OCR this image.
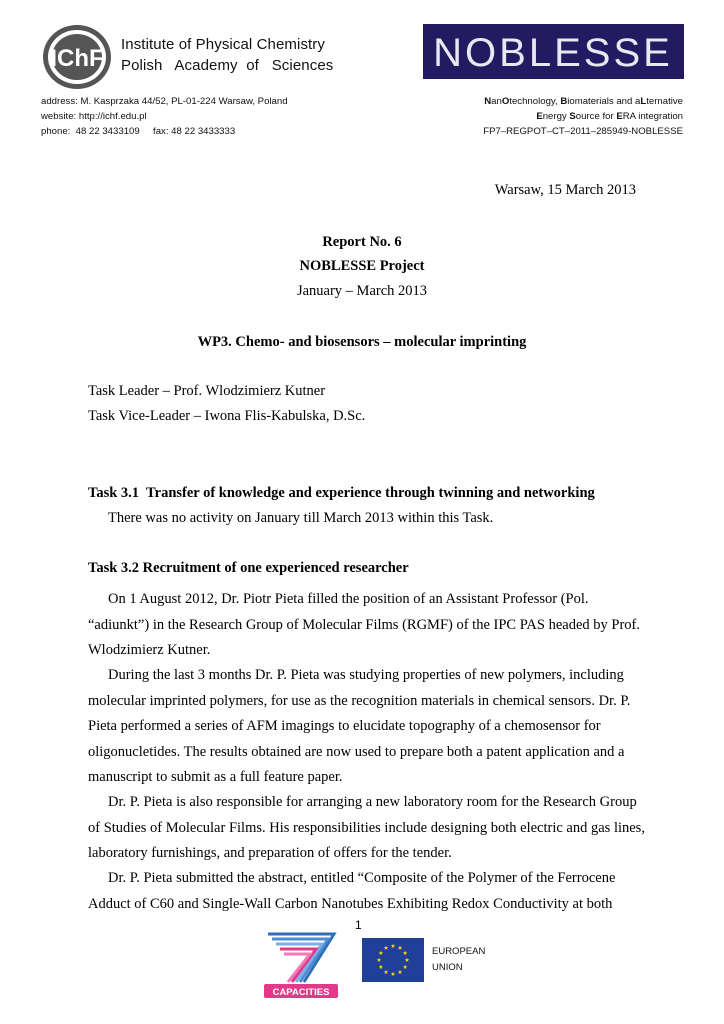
IChF
Institute of Physical Chemistry
Polish   Academy  of   Sciences
address: M. Kasprzaka 44/52, PL-01-224 Warsaw, Poland
website: http://ichf.edu.pl
phone:  48 22 3433109     fax: 48 22 3433333
NOBLESSE
NanOtechnology, Biomaterials and aLternative
Energy Source for ERA integration
FP7–REGPOT–CT–2011–285949-NOBLESSE
Warsaw, 15 March 2013
Report No. 6
NOBLESSE Project
January – March 2013
WP3. Chemo- and biosensors – molecular imprinting
Task Leader – Prof. Wlodzimierz Kutner
Task Vice-Leader – Iwona Flis-Kabulska, D.Sc.
Task 3.1  Transfer of knowledge and experience through twinning and networking
There was no activity on January till March 2013 within this Task.
Task 3.2 Recruitment of one experienced researcher

On 1 August 2012, Dr. Piotr Pieta filled the position of an Assistant Professor (Pol. “adiunkt”) in the Research Group of Molecular Films (RGMF) of the IPC PAS headed by Prof. Wlodzimierz Kutner.

During the last 3 months Dr. P. Pieta was studying properties of new polymers, including molecular imprinted polymers, for use as the recognition materials in chemical sensors. Dr. P. Pieta performed a series of AFM imagings to elucidate topography of a chemosensor for oligonucletides. The results obtained are now used to prepare both a patent application and a manuscript to submit as a full feature paper.

Dr. P. Pieta is also responsible for arranging a new laboratory room for the Research Group of Studies of Molecular Films. His responsibilities include designing both electric and gas lines, laboratory furnishings, and preparation of offers for the tender.

Dr. P. Pieta submitted the abstract, entitled “Composite of the Polymer of the Ferrocene Adduct of C60 and Single-Wall Carbon Nanotubes Exhibiting Redox Conductivity at both

1
CAPACITIES
EUROPEAN
UNION
